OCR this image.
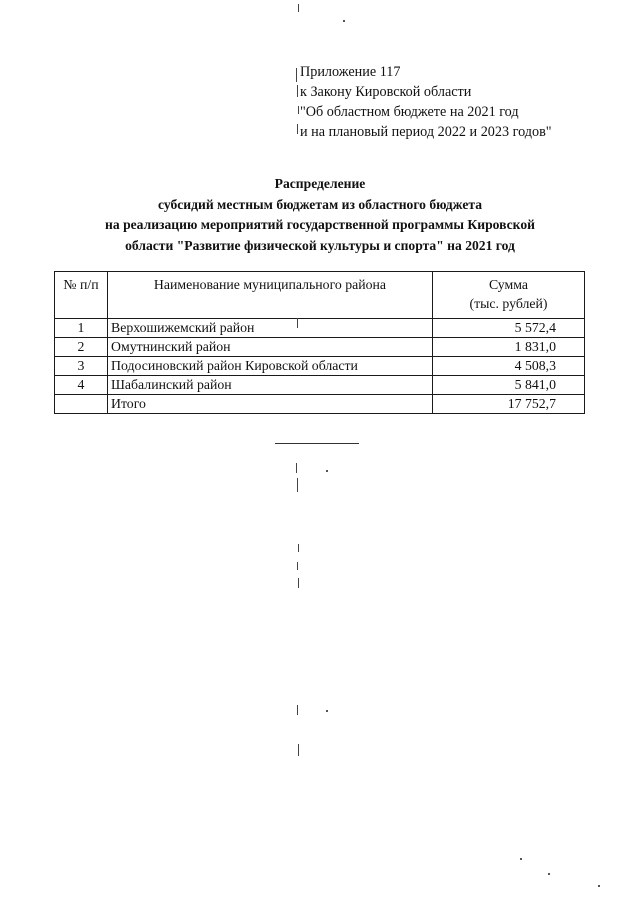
Приложение 117
к Закону Кировской области
"Об областном бюджете на 2021 год
и на плановый период 2022 и 2023 годов"
Распределение
субсидий местным бюджетам из областного бюджета
на реализацию мероприятий государственной программы Кировской
области "Развитие физической культуры и спорта" на 2021 год
№ п/п	Наименование муниципального района	Сумма
(тыс. рублей)

1	Верхошижемский район	5 572,4
2	Омутнинский район	1 831,0
3	Подосиновский район Кировской области	4 508,3
4	Шабалинский район	5 841,0
	Итого	17 752,7
